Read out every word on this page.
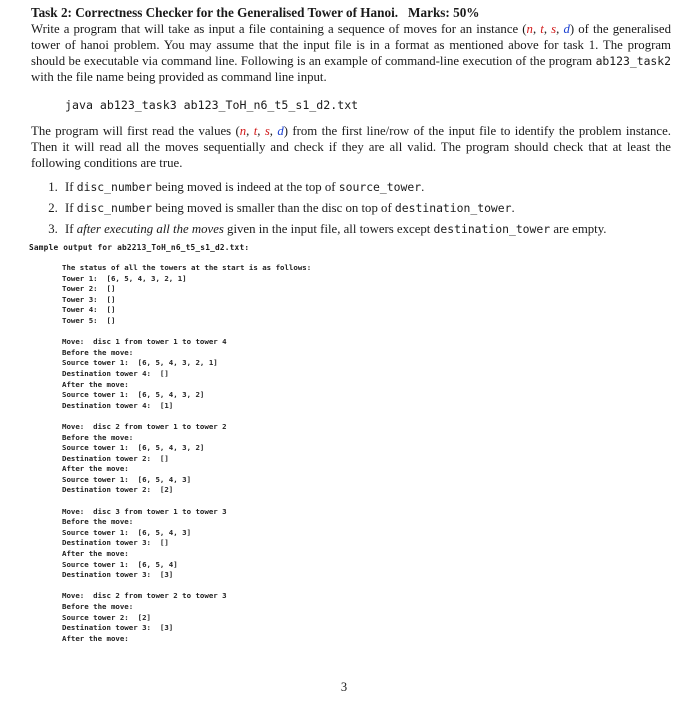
Task 2: Correctness Checker for the Generalised Tower of Hanoi. Marks: 50%

Write a program that will take as input a file containing a sequence of moves for an instance (n, t, s, d) of the generalised tower of hanoi problem. You may assume that the input file is in a format as mentioned above for task 1. The program should be executable via command line. Following is an example of command-line execution of the program ab123_task2 with the file name being provided as command line input.

java ab123_task3 ab123_ToH_n6_t5_s1_d2.txt

The program will first read the values (n, t, s, d) from the first line/row of the input file to identify the problem instance. Then it will read all the moves sequentially and check if they are all valid. The program should check that at least the following conditions are true.

1. If disc_number being moved is indeed at the top of source_tower.
2. If disc_number being moved is smaller than the disc on top of destination_tower.
3. If after executing all the moves given in the input file, all towers except destination_tower are empty.
Sample output for ab2213_ToH_n6_t5_s1_d2.txt:
The status of all the towers at the start is as follows:
Tower 1:  [6, 5, 4, 3, 2, 1]
Tower 2:  []
Tower 3:  []
Tower 4:  []
Tower 5:  []
Move:  disc 1 from tower 1 to tower 4
Before the move:
Source tower 1:  [6, 5, 4, 3, 2, 1]
Destination tower 4:  []
After the move:
Source tower 1:  [6, 5, 4, 3, 2]
Destination tower 4:  [1]
Move:  disc 2 from tower 1 to tower 2
Before the move:
Source tower 1:  [6, 5, 4, 3, 2]
Destination tower 2:  []
After the move:
Source tower 1:  [6, 5, 4, 3]
Destination tower 2:  [2]
Move:  disc 3 from tower 1 to tower 3
Before the move:
Source tower 1:  [6, 5, 4, 3]
Destination tower 3:  []
After the move:
Source tower 1:  [6, 5, 4]
Destination tower 3:  [3]
Move:  disc 2 from tower 2 to tower 3
Before the move:
Source tower 2:  [2]
Destination tower 3:  [3]
After the move:
3
